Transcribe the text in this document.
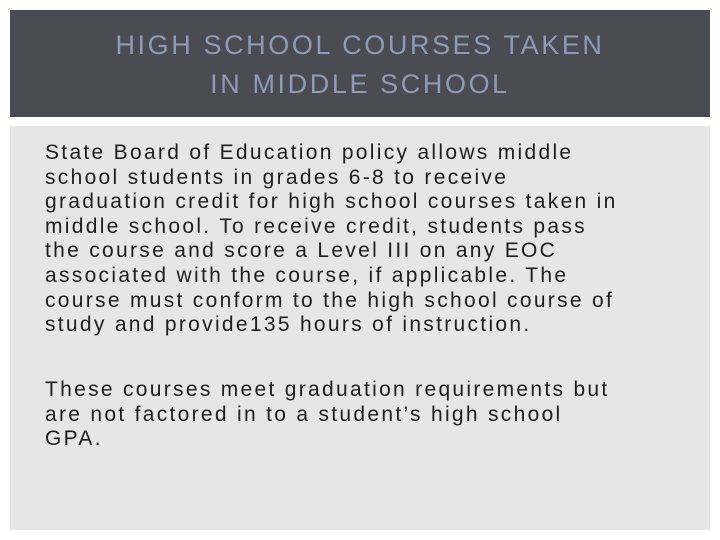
HIGH SCHOOL COURSES TAKEN
IN MIDDLE SCHOOL

State Board of Education policy allows middle
school students in grades 6-8 to receive
graduation credit for high school courses taken in
middle school. To receive credit, students pass
the course and score a Level III on any EOC
associated with the course, if applicable. The
course must conform to the high school course of
study and provide135 hours of instruction.

These courses meet graduation requirements but
are not factored in to a student’s high school
GPA.
